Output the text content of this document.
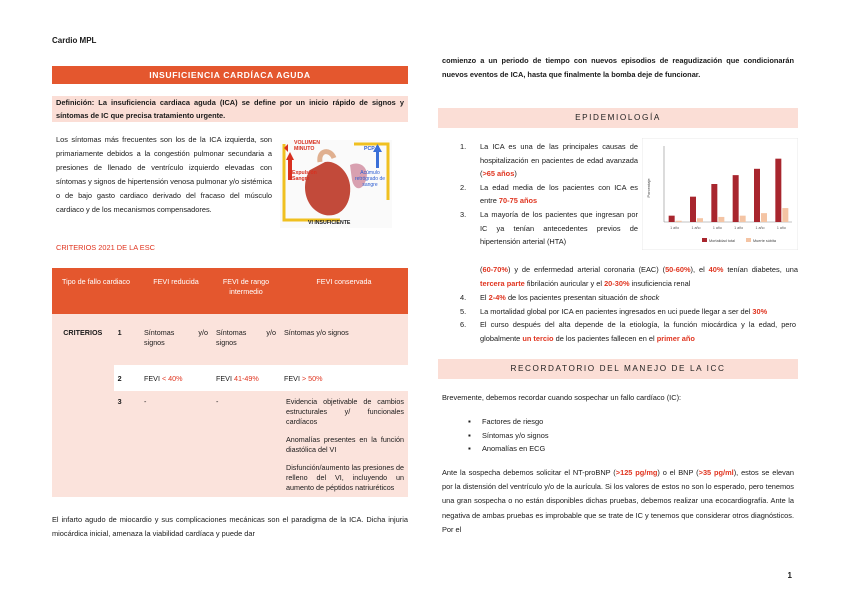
Cardio MPL
INSUFICIENCIA CARDÍACA AGUDA
Definición: La insuficiencia cardiaca aguda (ICA) se define por un inicio rápido de signos y síntomas de IC que precisa tratamiento urgente.
Los síntomas más frecuentes son los de la ICA izquierda, son primariamente debidos a la congestión pulmonar secundaria a presiones de llenado de ventrículo izquierdo elevadas con síntomas y signos de hipertensión venosa pulmonar y/o sistémica o de bajo gasto cardiaco derivado del fracaso del músculo cardiaco y de los mecanismos compensadores.
VOLUMEN MINUTO
Expulsión Sangre
PCP
Acúmulo retrógrado de sangre
VI INSUFICIENTE
CRITERIOS 2021 DE LA ESC
Tipo de fallo cardiaco		FEVI reducida	FEVI de rango intermedio	FEVI conservada
CRITERIOS	1	Síntomas y/o signos	Síntomas y/o signos	Síntomas y/o signos
	2	FEVI < 40%	FEVI 41-49%	FEVI > 50%
	3	-	-	Evidencia objetivable de cambios estructurales y/ funcionales cardíacos
Anomalías presentes en la función diastólica del VI
Disfunción/aumento las presiones de relleno del VI, incluyendo un aumento de péptidos natriuréticos
El infarto agudo de miocardio y sus complicaciones mecánicas son el paradigma de la ICA. Dicha injuria miocárdica inicial, amenaza la viabilidad cardíaca y puede dar
comienzo a un periodo de tiempo con nuevos episodios de reagudización que condicionarán nuevos eventos de ICA, hasta que finalmente la bomba deje de funcionar.
EPIDEMIOLOGÍA
1. La ICA es una de las principales causas de hospitalización en pacientes de edad avanzada (>65 años)
2. La edad media de los pacientes con ICA es entre 70-75 años
3. La mayoría de los pacientes que ingresan por IC ya tenían antecedentes previos de hipertensión arterial (HTA)
(60-70%) y de enfermedad arterial coronaria (EAC) (50-60%), el 40% tenían diabetes, una tercera parte fibrilación auricular y el 20-30% insuficiencia renal
4. El 2-4% de los pacientes presentan situación de shock
5. La mortalidad global por ICA en pacientes ingresados en uci puede llegar a ser del 30%
6. El curso después del alta depende de la etiología, la función miocárdica y la edad, pero globalmente un tercio de los pacientes fallecen en el primer año
Porcentaje
1 año	1 año	1 año	1 año	1 año	1 año
Mortalidad total	Muerte súbita
RECORDATORIO DEL MANEJO DE LA ICC
Brevemente, debemos recordar cuando sospechar un fallo cardíaco (IC):
▪ Factores de riesgo
▪ Síntomas y/o signos
▪ Anomalías en ECG
Ante la sospecha debemos solicitar el NT-proBNP (>125 pg/mg) o el BNP (>35 pg/ml), estos se elevan por la distensión del ventrículo y/o de la aurícula. Si los valores de estos no son lo esperado, pero tenemos una gran sospecha o no están disponibles dichas pruebas, debemos realizar una ecocardiografía. Ante la negativa de ambas pruebas es improbable que se trate de IC y tenemos que considerar otros diagnósticos. Por el
1
